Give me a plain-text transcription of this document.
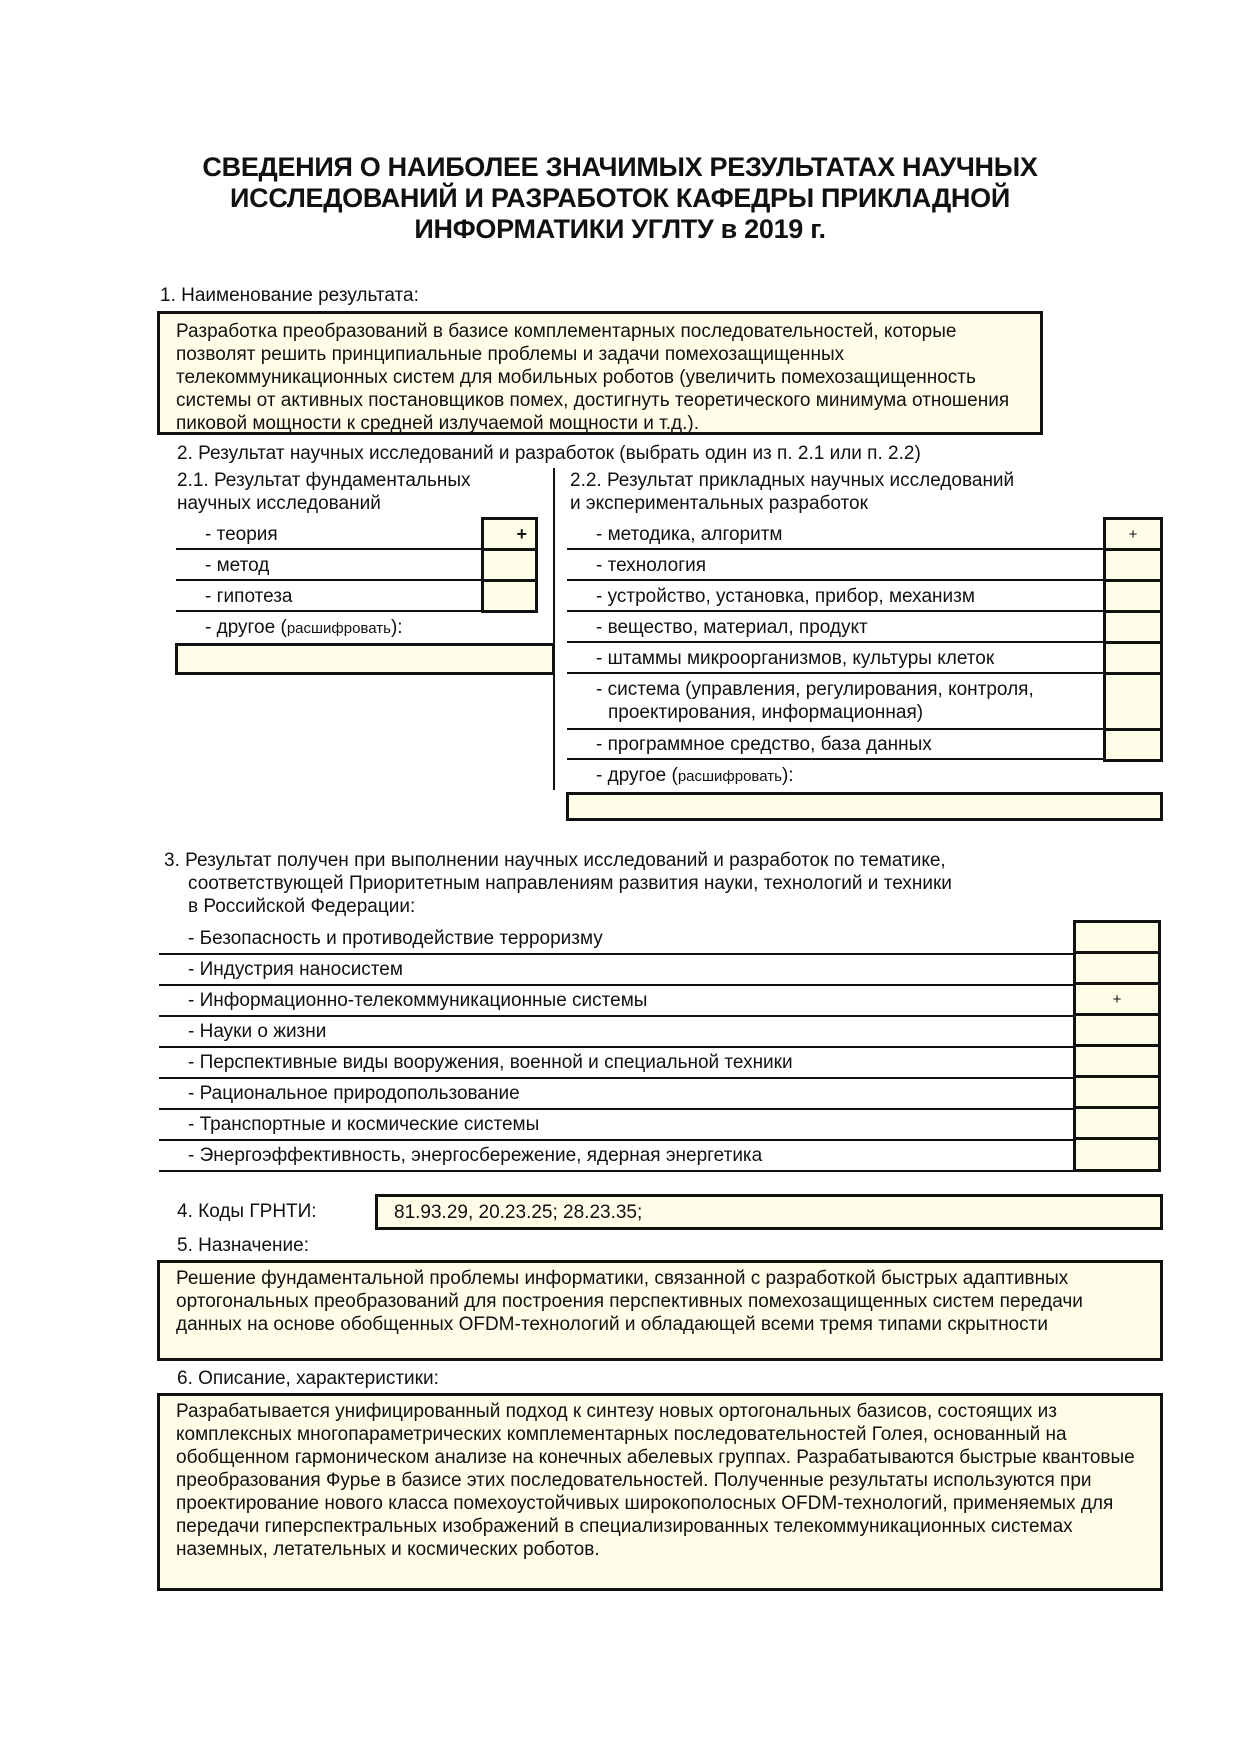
СВЕДЕНИЯ О НАИБОЛЕЕ ЗНАЧИМЫХ РЕЗУЛЬТАТАХ НАУЧНЫХ ИССЛЕДОВАНИЙ И РАЗРАБОТОК КАФЕДРЫ ПРИКЛАДНОЙ ИНФОРМАТИКИ УГЛТУ в 2019 г.
1. Наименование результата:
Разработка преобразований в базисе комплементарных последовательностей, которые позволят решить принципиальные проблемы и задачи помехозащищенных телекоммуникационных систем для мобильных роботов (увеличить помехозащищенность системы от активных постановщиков помех, достигнуть теоретического минимума отношения пиковой мощности к средней излучаемой мощности и т.д.).
2. Результат научных исследований и разработок (выбрать один из п. 2.1 или п. 2.2)
2.1. Результат фундаментальных
научных исследований
- теория
- метод
- гипотеза
+
- другое (расшифровать):
2.2. Результат прикладных научных исследований
и экспериментальных разработок
- методика, алгоритм
- технология
- устройство, установка, прибор, механизм
- вещество, материал, продукт
- штаммы микроорганизмов, культуры клеток
- система (управления, регулирования, контроля,
проектирования, информационная)
- программное средство, база данных
+
- другое (расшифровать):
3. Результат получен при выполнении научных исследований и разработок по тематике,
соответствующей Приоритетным направлениям развития науки, технологий и техники
в Российской Федерации:
- Безопасность и противодействие терроризму
- Индустрия наносистем
- Информационно-телекоммуникационные системы
- Науки о жизни
- Перспективные виды вооружения, военной и специальной техники
- Рациональное природопользование
- Транспортные и космические системы
- Энергоэффективность, энергосбережение, ядерная энергетика
+
4. Коды ГРНТИ:	81.93.29, 20.23.25; 28.23.35;
5. Назначение:
Решение фундаментальной проблемы информатики, связанной с разработкой быстрых адаптивных ортогональных преобразований для построения перспективных помехозащищенных систем передачи данных на основе обобщенных OFDM-технологий и обладающей всеми тремя типами скрытности
6. Описание, характеристики:
Разрабатывается унифицированный подход к синтезу новых ортогональных базисов, состоящих из комплексных многопараметрических комплементарных последовательностей Голея, основанный на обобщенном гармоническом анализе на конечных абелевых группах. Разрабатываются быстрые квантовые преобразования Фурье в базисе этих последовательностей. Полученные результаты используются при проектирование нового класса помехоустойчивых широкополосных OFDM-технологий, применяемых для передачи гиперспектральных изображений в специализированных телекоммуникационных системах наземных, летательных и космических роботов.
